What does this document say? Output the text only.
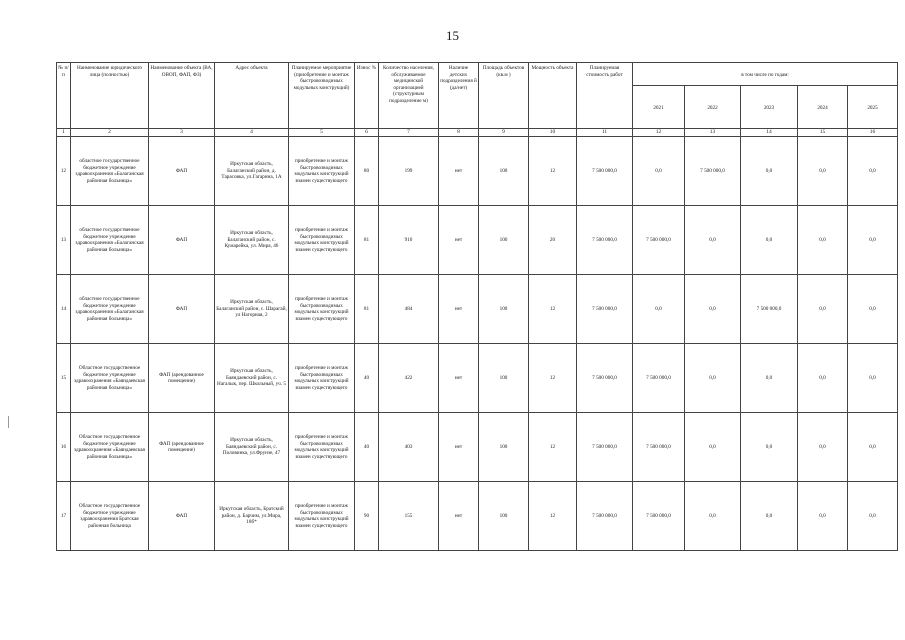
15
№ п/п	Наименование юридического лица (полностью)	Наименование объекта (ВА, ОВОП, ФАП, ФЗ)	Адрес объекта	Планируемое мероприятие (приобретение и монтаж быстровозводимых модульных конструкций)	Износ %	Количество населения, обслуживаемое медицинской организацией (структурным подразделение м)	Наличие детских подразделения й (да/нет)	Площадь объектов (кв.м )	Мощность объекта	Планируемая стоимость работ	в том числе по годам:				
											2021	2022	2023	2024	2025
1	2	3	4	5	6	7	8	9	10	11	12	13	14	15	16
12	областное государственное бюджетное учреждение здравоохранения «Балаганская районная больница»	ФАП	Иркутская область, Балаганский район, д. Тарасовка, ул.Гагарина, 1А	приобретение и монтаж быстровозводимых модульных конструкций взамен существующего	80	199	нет	100	12	7 500 000,0	0,0	7 500 000,0	0,0	0,0	0,0
13	областное государственное бюджетное учреждение здравоохранения «Балаганская районная больница»	ФАП	Иркутская область, Балаганский район, с. Кумарейка, ул. Мира, 46	приобретение и монтаж быстровозводимых модульных конструкций взамен существующего	81	910	нет	100	20	7 500 000,0	7 500 000,0	0,0	0,0	0,0	0,0
14	областное государственное бюджетное учреждение здравоохранения «Балаганская районная больница»	ФАП	Иркутская область, Балаганский район, с. Шарагай, ул Нагорная, 2	приобретение и монтаж быстровозводимых модульных конструкций взамен существующего	81	484	нет	100	12	7 500 000,0	0,0	0,0	7 500 000,0	0,0	0,0
15	Областное государственное бюджетное учреждение здравоохранения «Баяндаевская районная больница»	ФАП (арендованное помещение)	Иркутская область, Баяндаевский район, с. Нагалык, пер. Школьный, уч. 5	приобретение и монтаж быстровозводимых модульных конструкций взамен существующего	40	422	нет	100	12	7 500 000,0	7 500 000,0	0,0	0,0	0,0	0,0
16	Областное государственное бюджетное учреждение здравоохранения «Баяндаевская районная больница»	ФАП (арендованное помещение)	Иркутская область, Баяндаевский район, с. Половинка, ул.Фрунзе, 47	приобретение и монтаж быстровозводимых модульных конструкций взамен существующего	40	403	нет	100	12	7 500 000,0	7 500 000,0	0,0	0,0	0,0	0,0
17	Областное государственное бюджетное учреждение здравоохранения Братская районная больница	ФАП	Иркутская область, Братский район, д. Барчим, ул.Мира, 18б*	приобретение и монтаж быстровозводимых модульных конструкций взамен существующего	90	155	нет	100	12	7 500 000,0	7 500 000,0	0,0	0,0	0,0	0,0
